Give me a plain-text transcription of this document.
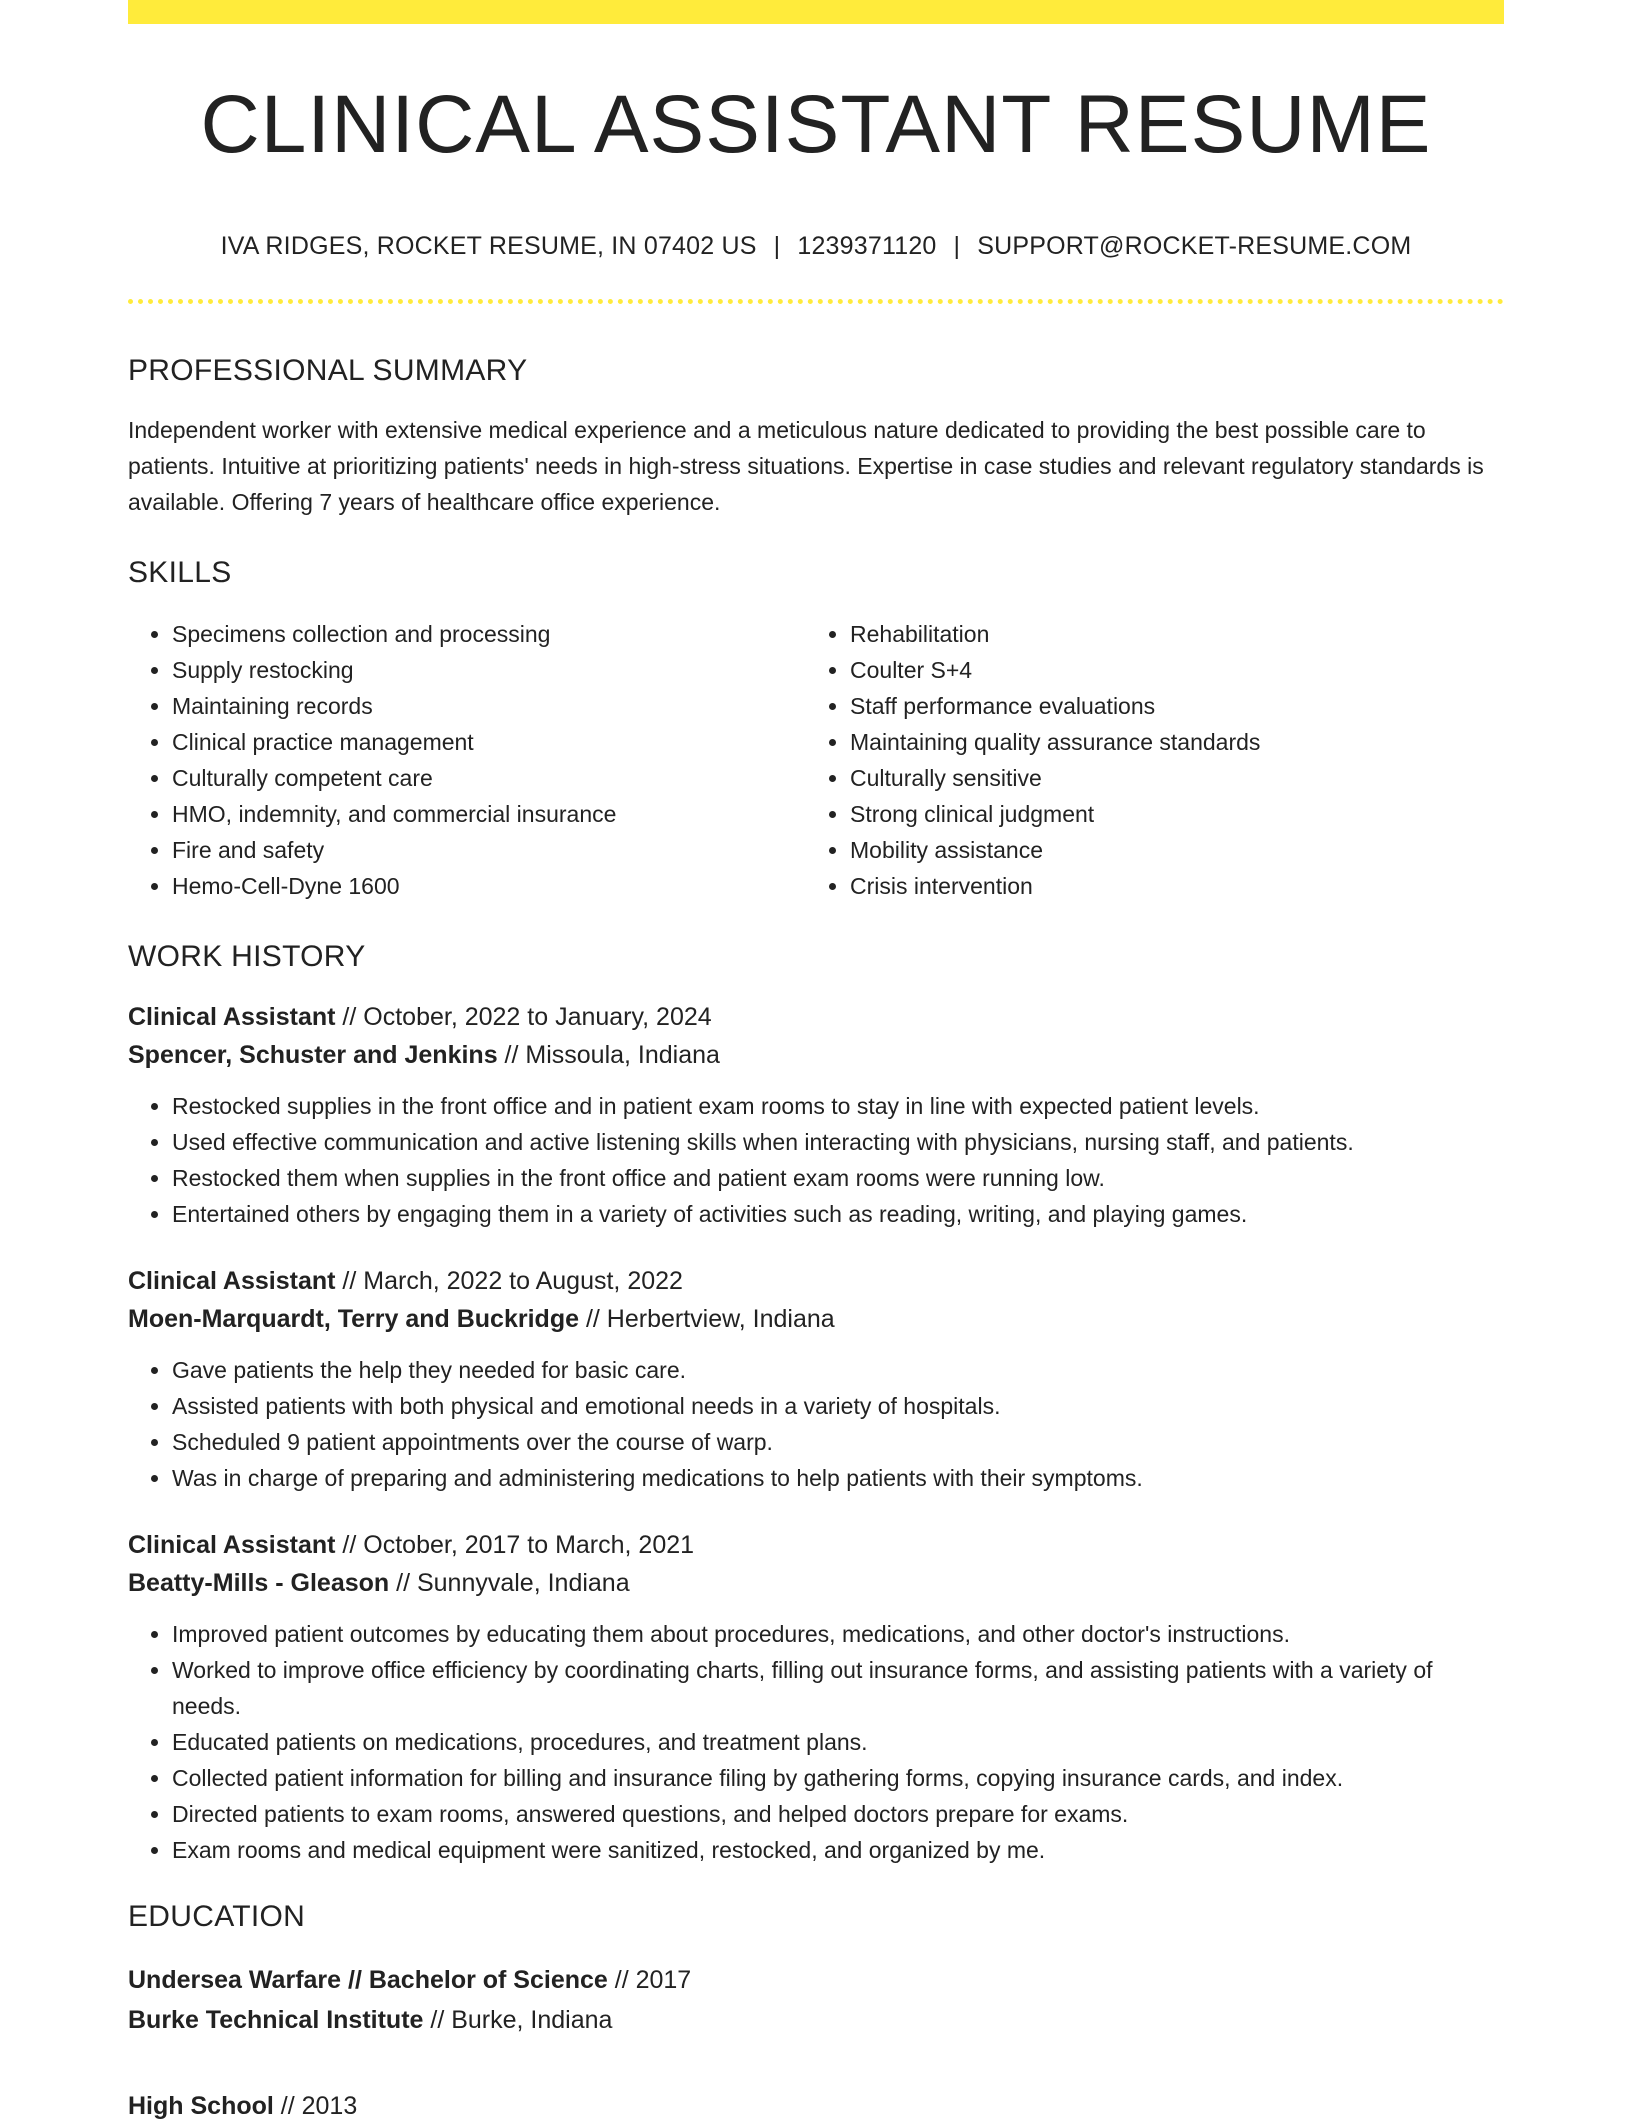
CLINICAL ASSISTANT RESUME
IVA RIDGES, ROCKET RESUME, IN 07402 US | 1239371120 | SUPPORT@ROCKET-RESUME.COM
PROFESSIONAL SUMMARY

Independent worker with extensive medical experience and a meticulous nature dedicated to providing the best possible care to patients. Intuitive at prioritizing patients' needs in high-stress situations. Expertise in case studies and relevant regulatory standards is available. Offering 7 years of healthcare office experience.

SKILLS
• Specimens collection and processing
• Supply restocking
• Maintaining records
• Clinical practice management
• Culturally competent care
• HMO, indemnity, and commercial insurance
• Fire and safety
• Hemo-Cell-Dyne 1600
• Rehabilitation
• Coulter S+4
• Staff performance evaluations
• Maintaining quality assurance standards
• Culturally sensitive
• Strong clinical judgment
• Mobility assistance
• Crisis intervention
WORK HISTORY

Clinical Assistant // October, 2022 to January, 2024

Spencer, Schuster and Jenkins // Missoula, Indiana

• Restocked supplies in the front office and in patient exam rooms to stay in line with expected patient levels.
• Used effective communication and active listening skills when interacting with physicians, nursing staff, and patients.
• Restocked them when supplies in the front office and patient exam rooms were running low.
• Entertained others by engaging them in a variety of activities such as reading, writing, and playing games.

Clinical Assistant // March, 2022 to August, 2022

Moen-Marquardt, Terry and Buckridge // Herbertview, Indiana

• Gave patients the help they needed for basic care.
• Assisted patients with both physical and emotional needs in a variety of hospitals.
• Scheduled 9 patient appointments over the course of warp.
• Was in charge of preparing and administering medications to help patients with their symptoms.

Clinical Assistant // October, 2017 to March, 2021

Beatty-Mills - Gleason // Sunnyvale, Indiana

• Improved patient outcomes by educating them about procedures, medications, and other doctor's instructions.
• Worked to improve office efficiency by coordinating charts, filling out insurance forms, and assisting patients with a variety of needs.
• Educated patients on medications, procedures, and treatment plans.
• Collected patient information for billing and insurance filing by gathering forms, copying insurance cards, and index.
• Directed patients to exam rooms, answered questions, and helped doctors prepare for exams.
• Exam rooms and medical equipment were sanitized, restocked, and organized by me.
EDUCATION

Undersea Warfare // Bachelor of Science // 2017

Burke Technical Institute // Burke, Indiana

High School // 2013
